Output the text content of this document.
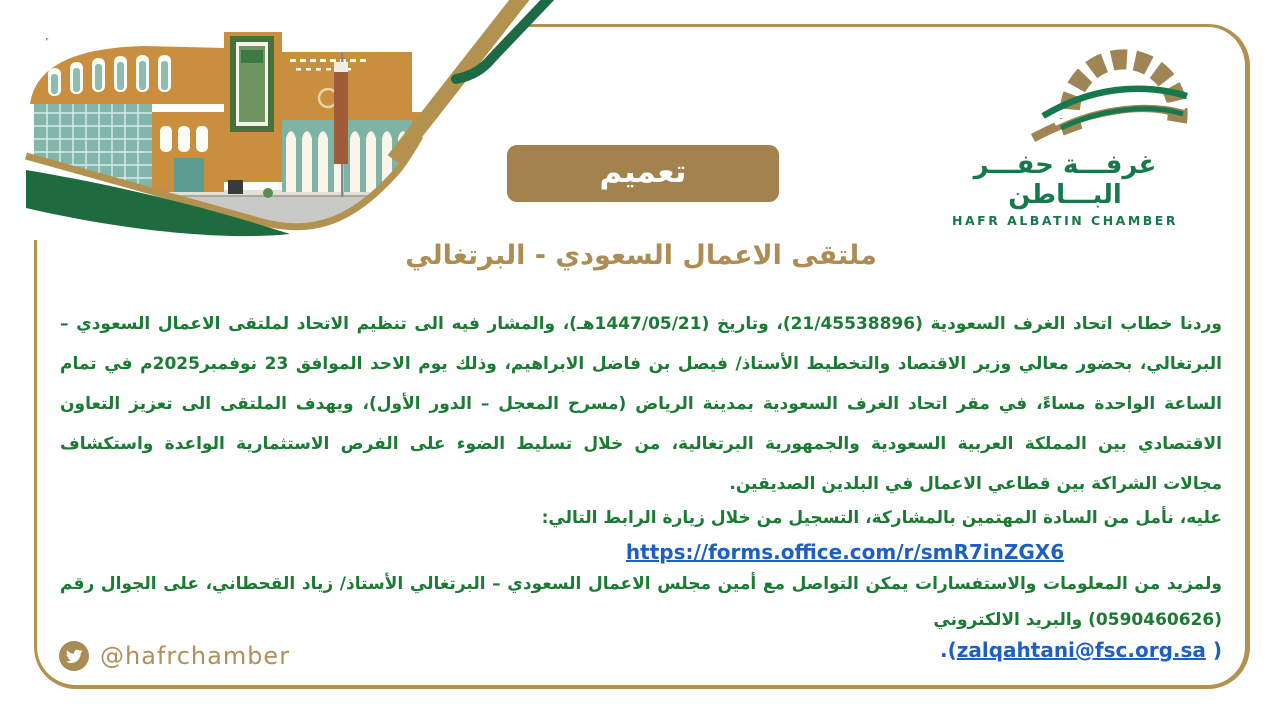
تعميم	غرفـــة حفـــر البـــاطن
HAFR ALBATIN CHAMBER
ملتقى الاعمال السعودي - البرتغالي
وردنا خطاب اتحاد الغرف السعودية (21/45538896)، وتاريخ (1447/05/21هـ)، والمشار فيه الى تنظيم الاتحاد لملتقى الاعمال السعودي –
البرتغالي، بحضور معالي وزير الاقتصاد والتخطيط الأستاذ/ فيصل بن فاضل الابراهيم، وذلك يوم الاحد الموافق 23 نوفمبر2025م في تمام
الساعة الواحدة مساءً، في مقر اتحاد الغرف السعودية بمدينة الرياض (مسرح المعجل – الدور الأول)، ويهدف الملتقى الى تعزيز التعاون
الاقتصادي بين المملكة العربية السعودية والجمهورية البرتغالية، من خلال تسليط الضوء على الفرص الاستثمارية الواعدة واستكشاف
مجالات الشراكة بين قطاعي الاعمال في البلدين الصديقين.
عليه، نأمل من السادة المهتمين بالمشاركة، التسجيل من خلال زيارة الرابط التالي:
https://forms.office.com/r/smR7inZGX6
ولمزيد من المعلومات والاستفسارات يمكن التواصل مع أمين مجلس الاعمال السعودي – البرتغالي الأستاذ/ زياد القحطاني، على الجوال رقم
(0590460626) والبريد الالكتروني
.(zalqahtani@fsc.org.sa )
@hafrchamber
